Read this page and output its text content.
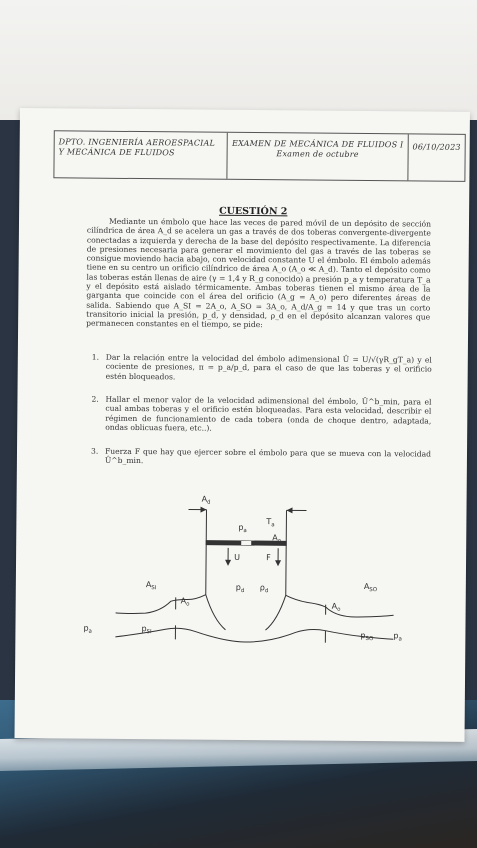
DPTO. INGENIERÍA AEROESPACIAL
Y MECÁNICA DE FLUIDOS
EXAMEN DE MECÁNICA DE FLUIDOS I
Examen de octubre
06/10/2023
CUESTIÓN 2

Mediante un émbolo que hace las veces de pared móvil de un depósito de sección cilíndrica de área A_d se acelera un gas a través de dos toberas convergente-divergente conectadas a izquierda y derecha de la base del depósito respectivamente. La diferencia de presiones necesaria para generar el movimiento del gas a través de las toberas se consigue moviendo hacia abajo, con velocidad constante U el émbolo. El émbolo además tiene en su centro un orificio cilíndrico de área A_o (A_o ≪ A_d). Tanto el depósito como las toberas están llenas de aire (γ = 1,4 y R_g conocido) a presión p_a y temperatura T_a y el depósito está aislado térmicamente. Ambas toberas tienen el mismo área de la garganta que coincide con el área del orificio (A_g = A_o) pero diferentes áreas de salida. Sabiendo que A_SI = 2A_o, A_SO = 3A_o, A_d/A_g = 14 y que tras un corto transitorio inicial la presión, p_d, y densidad, ρ_d en el depósito alcanzan valores que permanecen constantes en el tiempo, se pide:

1. Dar la relación entre la velocidad del émbolo adimensional Û = U/√(γR_gT_a) y el cociente de presiones, π = p_a/p_d, para el caso de que las toberas y el orificio estén bloqueados.
2. Hallar el menor valor de la velocidad adimensional del émbolo, Û^b_min, para el cual ambas toberas y el orificio estén bloqueadas. Para esta velocidad, describir el régimen de funcionamiento de cada tobera (onda de choque dentro, adaptada, ondas oblicuas fuera, etc..).
3. Fuerza F que hay que ejercer sobre el émbolo para que se mueva con la velocidad Û^b_min.
$A_d$
$p_a$
$T_a$
$A_o$
U	F
$p_d$ $\rho_d$
$A_{SI}$	$A_{SO}$
$A_o$	$A_o$
$p_a$	$p_{SI}$	$p_{SO}$	$p_a$
